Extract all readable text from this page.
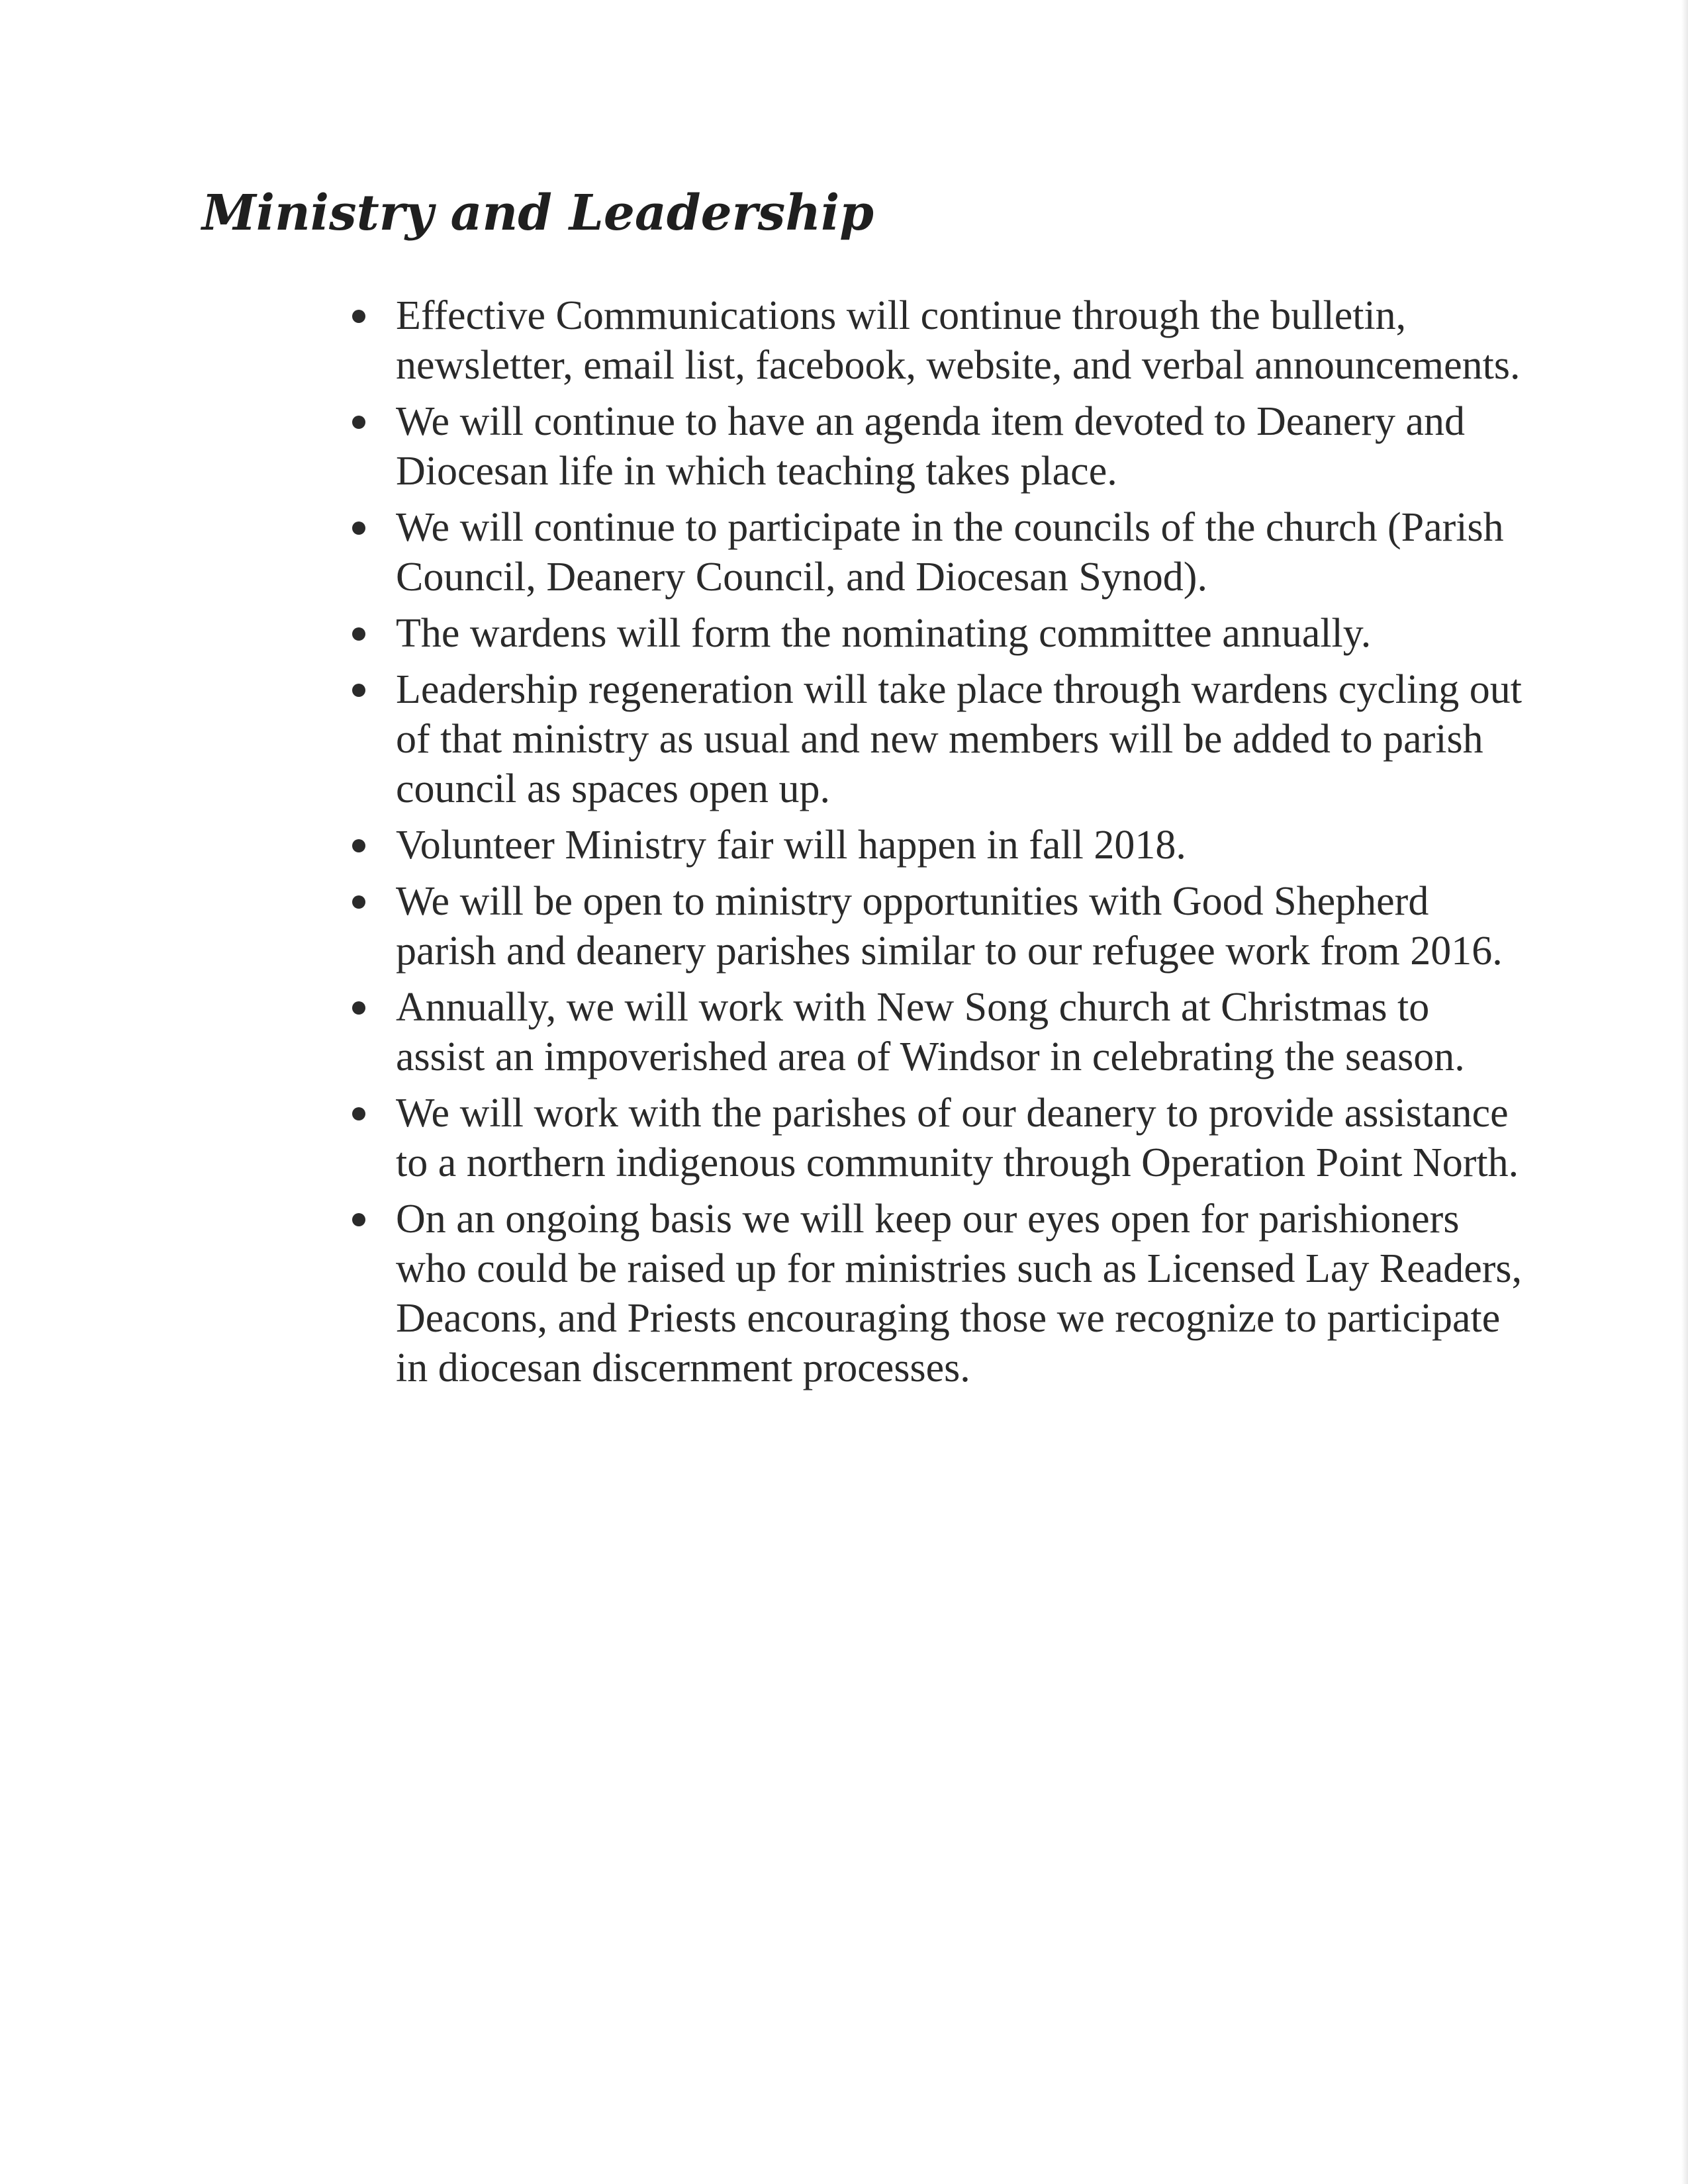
Ministry and Leadership
Effective Communications will continue through the bulletin, newsletter, email list, facebook, website, and verbal announcements.
We will continue to have an agenda item devoted to Deanery and Diocesan life in which teaching takes place.
We will continue to participate in the councils of the church (Parish Council, Deanery Council, and Diocesan Synod).
The wardens will form the nominating committee annually.
Leadership regeneration will take place through wardens cycling out of that ministry as usual and new members will be added to parish council as spaces open up.
Volunteer Ministry fair will happen in fall 2018.
We will be open to ministry opportunities with Good Shepherd parish and deanery parishes similar to our refugee work from 2016.
Annually, we will work with New Song church at Christmas to assist an impoverished area of Windsor in celebrating the season.
We will work with the parishes of our deanery to provide assistance to a northern indigenous community through Operation Point North.
On an ongoing basis we will keep our eyes open for parishioners who could be raised up for ministries such as Licensed Lay Readers, Deacons, and Priests encouraging those we recognize to participate in diocesan discernment processes.
